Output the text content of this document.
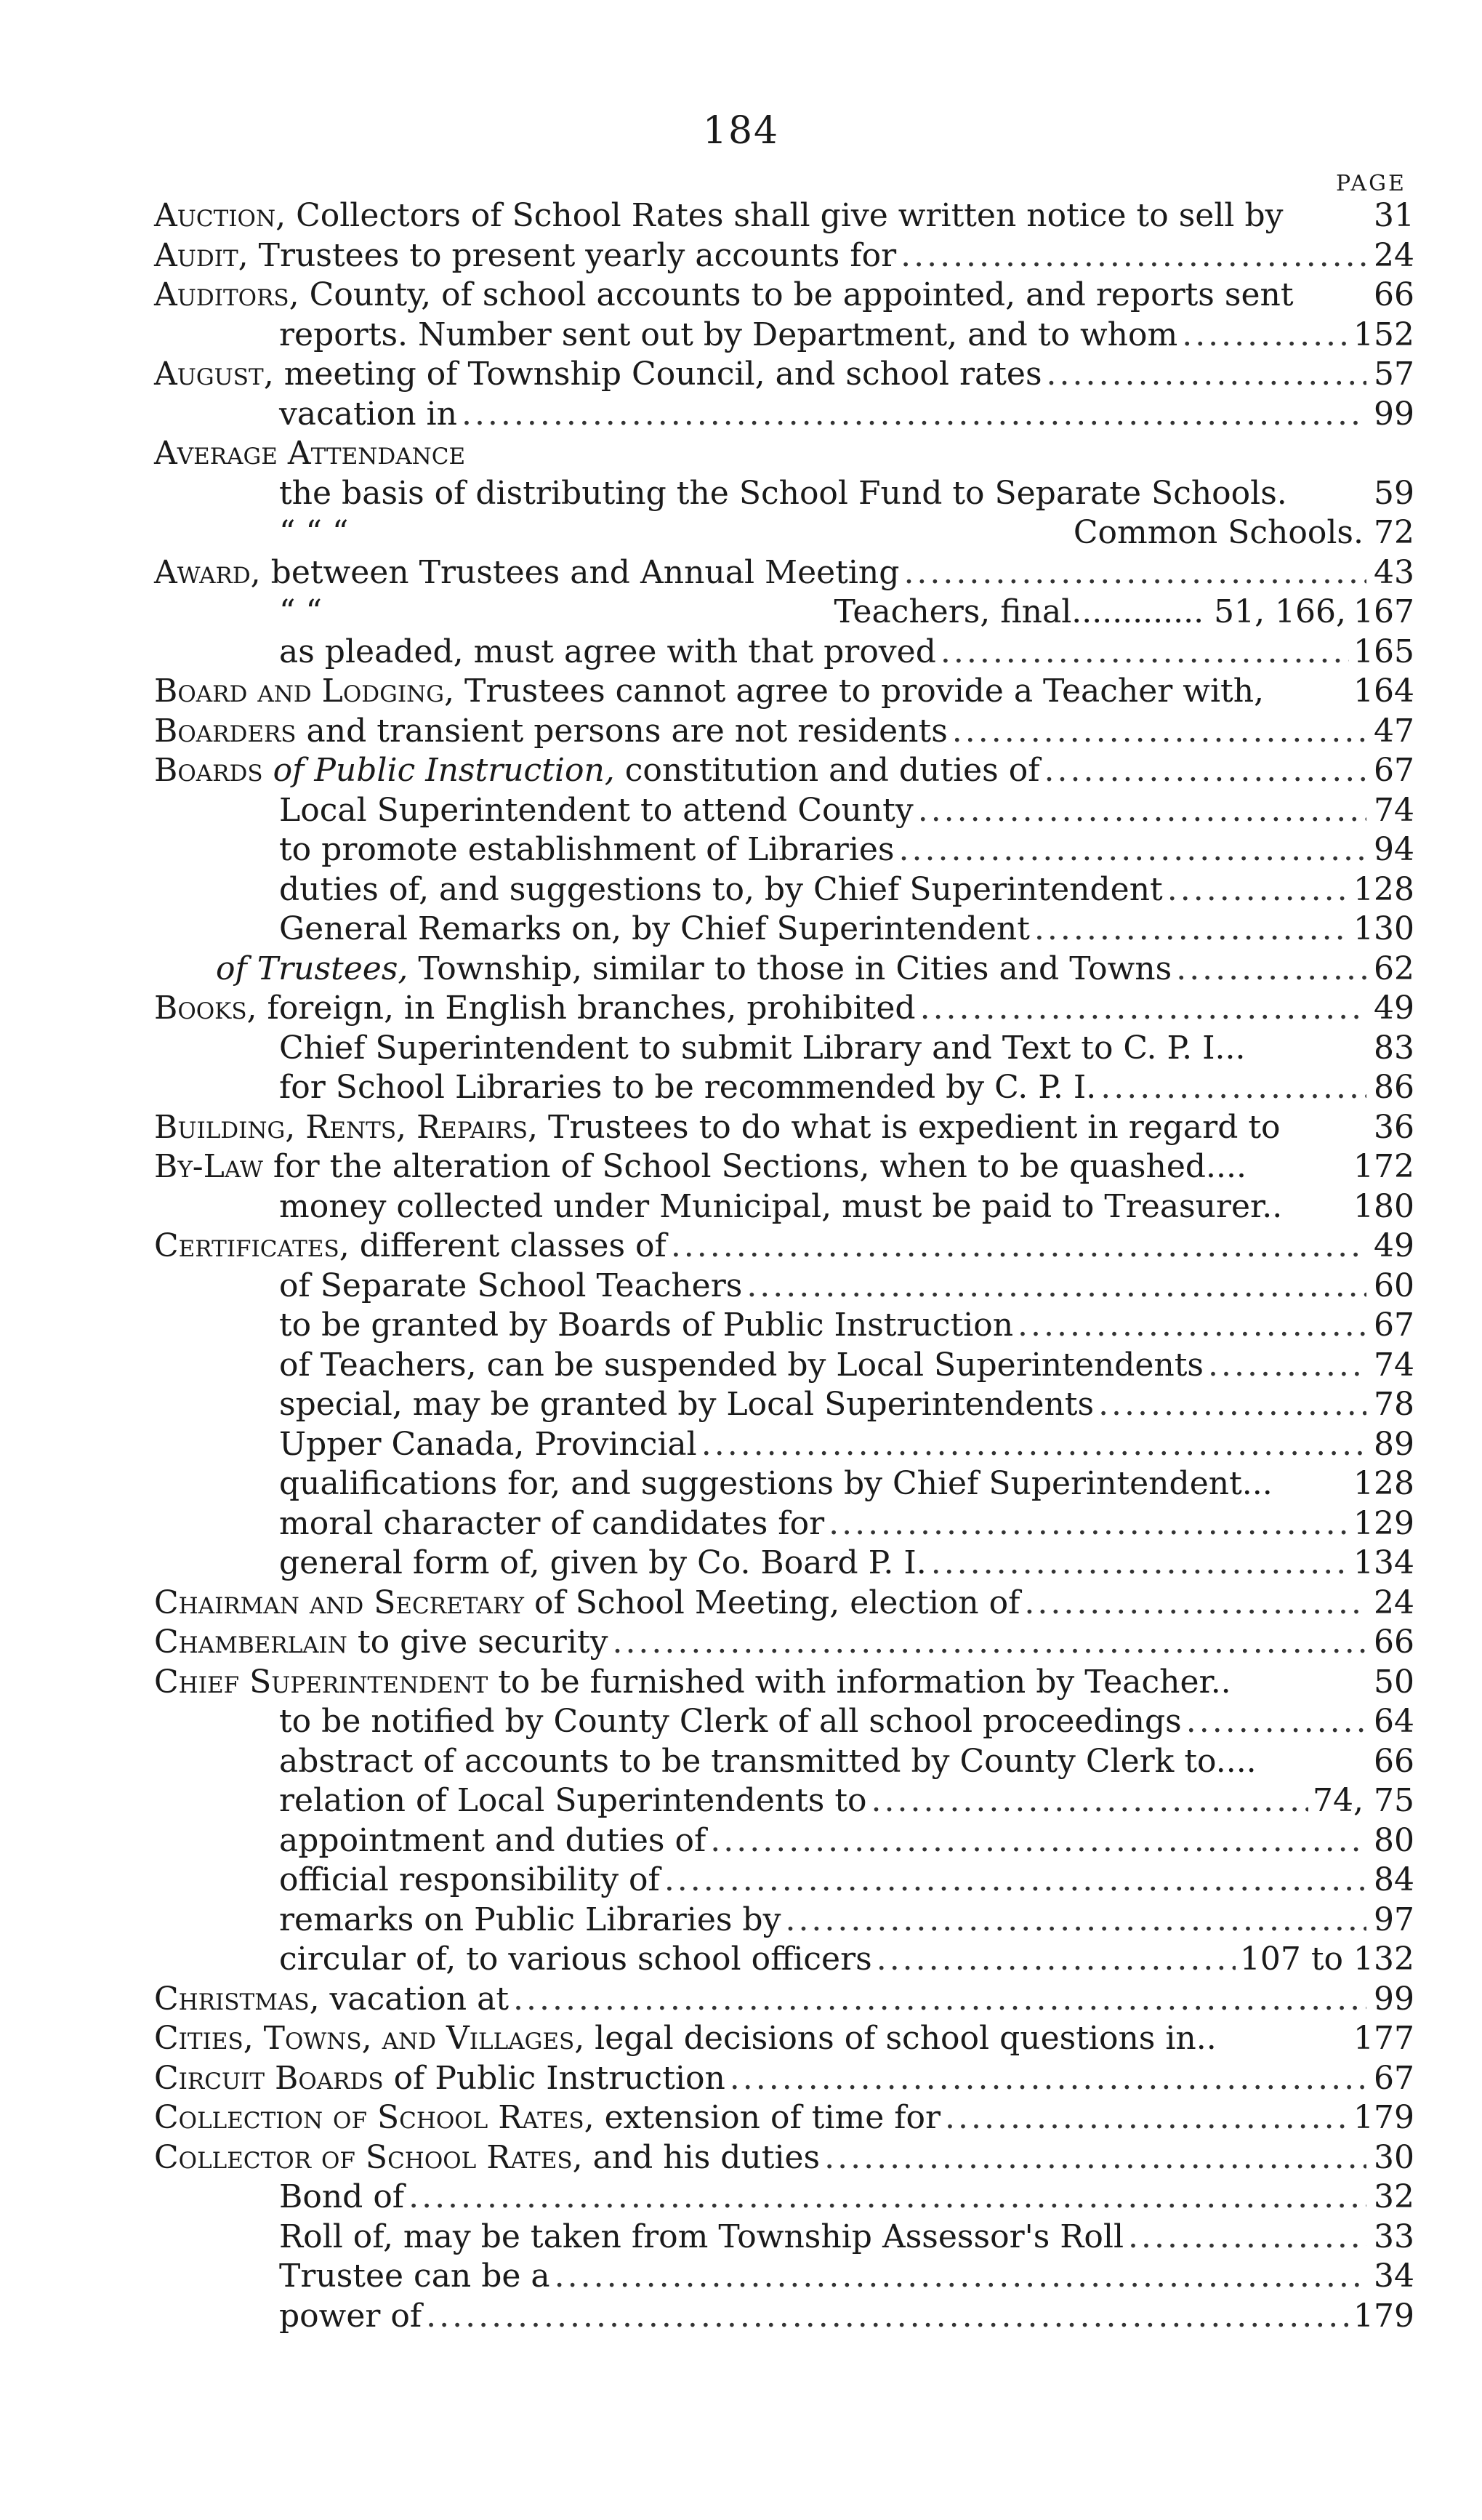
184
PAGE
Auction, Collectors of School Rates shall give written notice to sell by	31
Audit, Trustees to present yearly accounts for .....	24
Auditors, County, of school accounts to be appointed, and reports sent	66
reports. Number sent out by Department, and to whom .....	152
August, meeting of Township Council, and school rates .....	57
vacation in .....	99
Average Attendance
the basis of distributing the School Fund to Separate Schools.	59
“ “ “	Common Schools. 72
Award, between Trustees and Annual Meeting .....	43
“ “	Teachers, final............. 51, 166, 167
as pleaded, must agree with that proved .....	165
Board and Lodging, Trustees cannot agree to provide a Teacher with,	164
Boarders and transient persons are not residents .....	47
Boards of Public Instruction, constitution and duties of .....	67
Local Superintendent to attend County .....	74
to promote establishment of Libraries .....	94
duties of, and suggestions to, by Chief Superintendent .....	128
General Remarks on, by Chief Superintendent .....	130
of Trustees, Township, similar to those in Cities and Towns .....	62
Books, foreign, in English branches, prohibited .....	49
Chief Superintendent to submit Library and Text to C. P. I...	83
for School Libraries to be recommended by C. P. I. .....	86
Building, Rents, Repairs, Trustees to do what is expedient in regard to	36
By-Law for the alteration of School Sections, when to be quashed....	172
money collected under Municipal, must be paid to Treasurer.. 180
Certificates, different classes of .....	49
of Separate School Teachers .....	60
to be granted by Boards of Public Instruction .....	67
of Teachers, can be suspended by Local Superintendents .....	74
special, may be granted by Local Superintendents .....	78
Upper Canada, Provincial .....	89
qualifications for, and suggestions by Chief Superintendent...	128
moral character of candidates for .....	129
general form of, given by Co. Board P. I. .....	134
Chairman and Secretary of School Meeting, election of .....	24
Chamberlain to give security .....	66
Chief Superintendent to be furnished with information by Teacher..	50
to be notified by County Clerk of all school proceedings .....	64
abstract of accounts to be transmitted by County Clerk to....	66
relation of Local Superintendents to .....	74, 75
appointment and duties of .....	80
official responsibility of .....	84
remarks on Public Libraries by .....	97
circular of, to various school officers .....	107 to 132
Christmas, vacation at .....	99
Cities, Towns, and Villages, legal decisions of school questions in..	177
Circuit Boards of Public Instruction .....	67
Collection of School Rates, extension of time for .....	179
Collector of School Rates, and his duties .....	30
Bond of .....	32
Roll of, may be taken from Township Assessor's Roll .....	33
Trustee can be a .....	34
power of .....	179
